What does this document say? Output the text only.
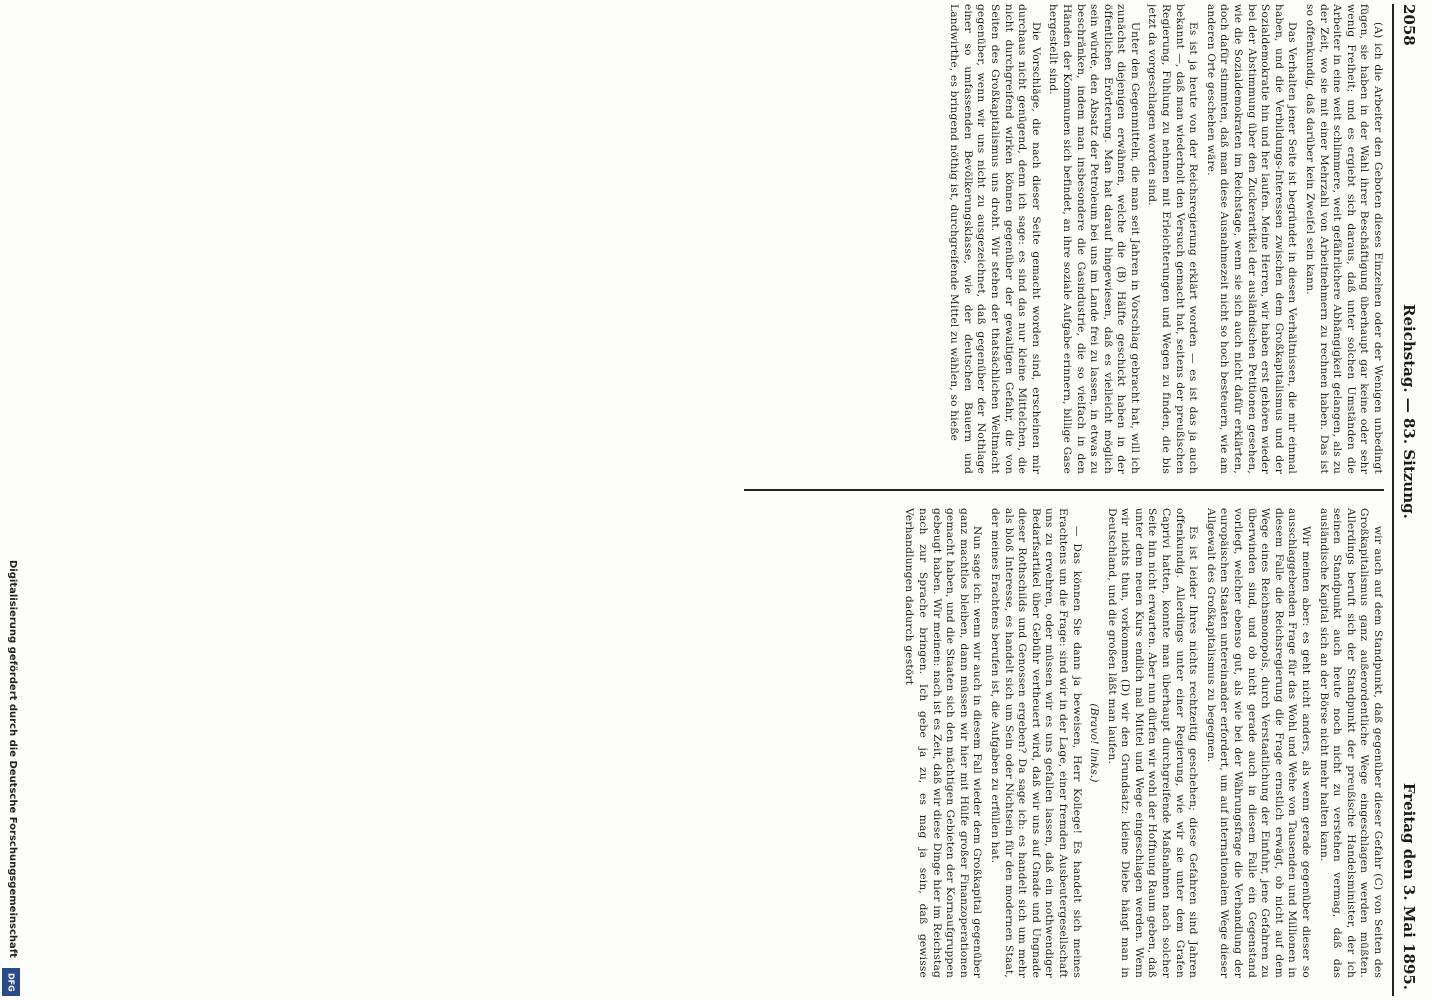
2058
Reichstag. — 83. Sitzung.
Freitag den 3. Mai 1895.

(A) ich die Arbeiter den Geboten dieses Einzelnen oder der Wenigen unbedingt fügen, sie haben in der Wahl ihrer Beschäftigung überhaupt gar keine oder sehr wenig Freiheit; und es ergiebt sich daraus, daß unter solchen Umständen die Arbeiter in eine weit schlimmere, weit gefährlichere Abhängigkeit gelangen, als zu der Zeit, wo sie mit einer Mehrzahl von Arbeitnehmern zu rechnen haben. Das ist so offenkundig, daß darüber kein Zweifel sein kann.

Das Verhalten jener Seite ist begründet in diesen Verhältnissen, die mir einmal haben, und die Verbildungs-Interessen zwischen dem Großkapitalismus und der Sozialdemokratie hin und her laufen. Meine Herren, wir haben erst gehören wieder bei der Abstimmung über den Zuckerartikel der ausländischen Petitionen gesehen, wie die Sozialdemokraten im Reichstage, wenn sie sich auch nicht dafür erklärten, doch dafür stimmten, daß man diese Ausnahmezeit nicht so hoch besteuern, wie am anderen Orte geschehen wäre.

Es ist ja heute von der Reichsregierung erklärt worden — es ist das ja auch bekannt —, daß man wiederholt den Versuch gemacht hat, seitens der preußischen Regierung, Fühlung zu nehmen mit Erleichterungen und Wegen zu finden, die bis jetzt da vorgeschlagen worden sind.

Unter den Gegenmitteln, die man seit Jahren in Vorschlag gebracht hat, will ich zunächst diejenigen erwähnen, welche die (B) Hälfte geschickt haben in der öffentlichen Erörterung. Man hat darauf hingewiesen, daß es vielleicht möglich sein würde, den Absatz der Petroleum bei uns im Lande frei zu lassen, in etwas zu beschränken, indem man insbesondere die Gasindustrie, die so vielfach in den Händen der Kommunen sich befindet, an ihre soziale Aufgabe erinnern, billige Gase hergestellt sind.

Die Vorschläge, die nach dieser Seite gemacht worden sind, erscheinen mir durchaus nicht genügend, denn ich sage: es sind das nur kleine Mittelchen, die nicht durchgreifend wirken können gegenüber der gewaltigen Gefahr, die von Seiten des Großkapitalismus uns droht. Wir stehen der thatsächlichen Weltmacht gegenüber, wenn wir uns nicht zu ausgezeichnet, daß gegenüber der Nothlage einer so umfassenden Bevölkerungsklasse, wie der deutschen Bauern und Landwirthe, es bringend nöthig ist, durchgreifende Mittel zu wählen, so hieße

wir auch auf dem Standpunkt, daß gegenüber dieser Gefahr (C) von Seiten des Großkapitalismus ganz außerordentliche Wege eingeschlagen werden müßten. Allerdings beruft sich der Standpunkt der preußische Handelsminister, der ich seinen Standpunkt auch heute noch nicht zu verstehen vermag, daß das ausländische Kapital sich an der Börse nicht mehr halten kann.

Wir meinen aber: es geht nicht anders, als wenn gerade gegenüber dieser so ausschlaggebenden Frage für das Wohl und Wehe von Tausenden und Millionen in diesem Falle die Reichsregierung die Frage ernstlich erwägt, ob nicht auf dem Wege eines Reichsmonopols, durch Verstaatlichung der Einfuhr, jene Gefahren zu überwinden sind, und ob nicht gerade auch in diesem Falle ein Gegenstand vorliegt, welcher ebenso gut, als wie bei der Währungsfrage die Verhandlung der europäischen Staaten untereinander erfordert, um auf internationalem Wege dieser Allgewalt des Großkapitalismus zu begegnen.

Es ist leider Ihres nichts rechtzeitig geschehen; diese Gefahren sind Jahren offenkundig. Allerdings unter einer Regierung, wie wir sie unter dem Grafen Caprivi hatten, konnte man überhaupt durchgreifende Maßnahmen nach solcher Seite hin nicht erwarten. Aber nun dürfen wir wohl der Hoffnung Raum geben, daß unter dem neuen Kurs endlich mal Mittel und Wege eingeschlagen werden. Wenn wir nichts thun, vorkommen (D) wir den Grundsatz: kleine Diebe hängt man in Deutschland, und die großen läßt man laufen.

(Bravo! links.)

— Das können Sie dann ja beweisen, Herr Kollege! Es handelt sich meines Erachtens um die Frage: sind wir in der Lage, einer fremden Ausbeutergesellschaft uns zu erwehren, oder müssen wir es uns gefallen lassen, daß ein nothwendiger Bedarfsartikel über Gebühr vertheuert wird, daß wir uns auf Gnade und Ungnade dieser Rothschilds und Genossen ergeben? Da sage ich: es handelt sich um mehr als bloß Interesse, es handelt sich um Sein oder Nichtsein für den modernen Staat, der meines Erachtens berufen ist, die Aufgaben zu erfüllen hat.

Nun sage ich: wenn wir auch in diesem Fall wieder dem Großkapital gegenüber ganz machtlos bleiben, dann müssen wir hier mit Hülfe großer Finanzoperationen gemacht haben, und die Staaten sich den mächtigen Gebieten der Kornaufgruppen gebeugt haben. Wir meinen: nach ist es Zeit, daß wir diese Dinge hier im Reichstag nach zur Sprache bringen. Ich gebe ja zu, es mag ja sein, daß gewisse Verhandlungen dadurch gestört

Digitalisierung gefördert durch die Deutsche Forschungsgemeinschaft
DFG
